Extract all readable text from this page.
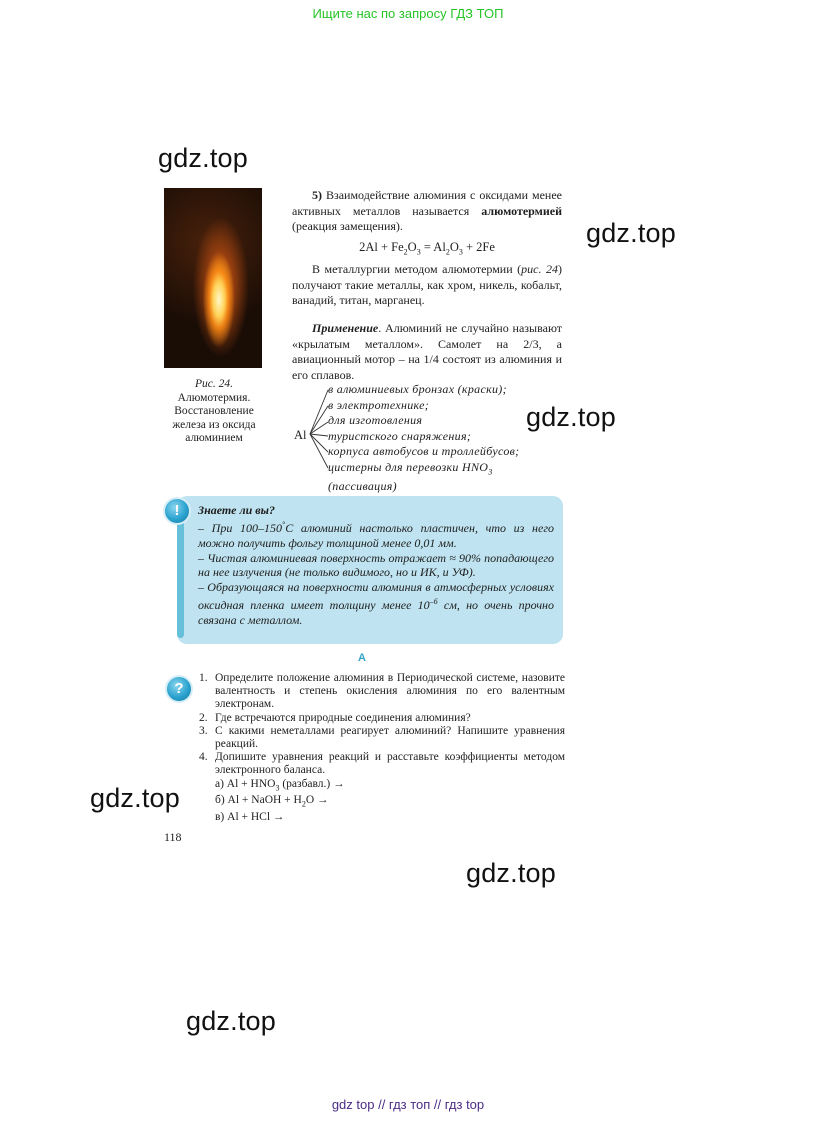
Ищите нас по запросу ГДЗ ТОП
gdz.top
gdz.top
gdz.top
gdz.top
gdz.top
gdz.top
Рис. 24.
Алюмотермия.
Восстановление
железа из оксида
алюминием
5) Взаимодействие алюминия с оксидами менее активных металлов называется алюмотермией (реакция замещения).
$2Al + Fe_2O_3 = Al_2O_3 + 2Fe$
В металлургии методом алюмотермии (рис. 24) получают такие металлы, как хром, никель, кобальт, ванадий, титан, марганец.
Применение. Алюминий не случайно называют «крылатым металлом». Самолет на 2/3, а авиационный мотор – на 1/4 состоят из алюминия и его сплавов.
Al
в алюминиевых бронзах (краски);
в электротехнике;
для изготовления
туристского снаряжения;
корпуса автобусов и троллейбусов;
цистерны для перевозки $HNO_3$
(пассивация)
!	Знаете ли вы?
– При 100–150°C алюминий настолько пластичен, что из него можно получить фольгу толщиной менее 0,01 мм.
– Чистая алюминиевая поверхность отражает ≈ 90% попадающего на нее излучения (не только видимого, но и ИК, и УФ).
– Образующаяся на поверхности алюминия в атмосферных условиях оксидная пленка имеет толщину менее $10^{-6}$ см, но очень прочно связана с металлом.
A
?
1. Определите положение алюминия в Периодической системе, назовите валентность и степень окисления алюминия по его валентным электронам.
2. Где встречаются природные соединения алюминия?
3. С какими неметаллами реагирует алюминий? Напишите уравнения реакций.
4. Допишите уравнения реакций и расставьте коэффициенты методом электронного баланса.
а) $Al + HNO_3$ (разбавл.) →
б) Al + NaOH + $H_2O$ →
в) Al + HCl →
118
gdz top // гдз топ // гдз top
